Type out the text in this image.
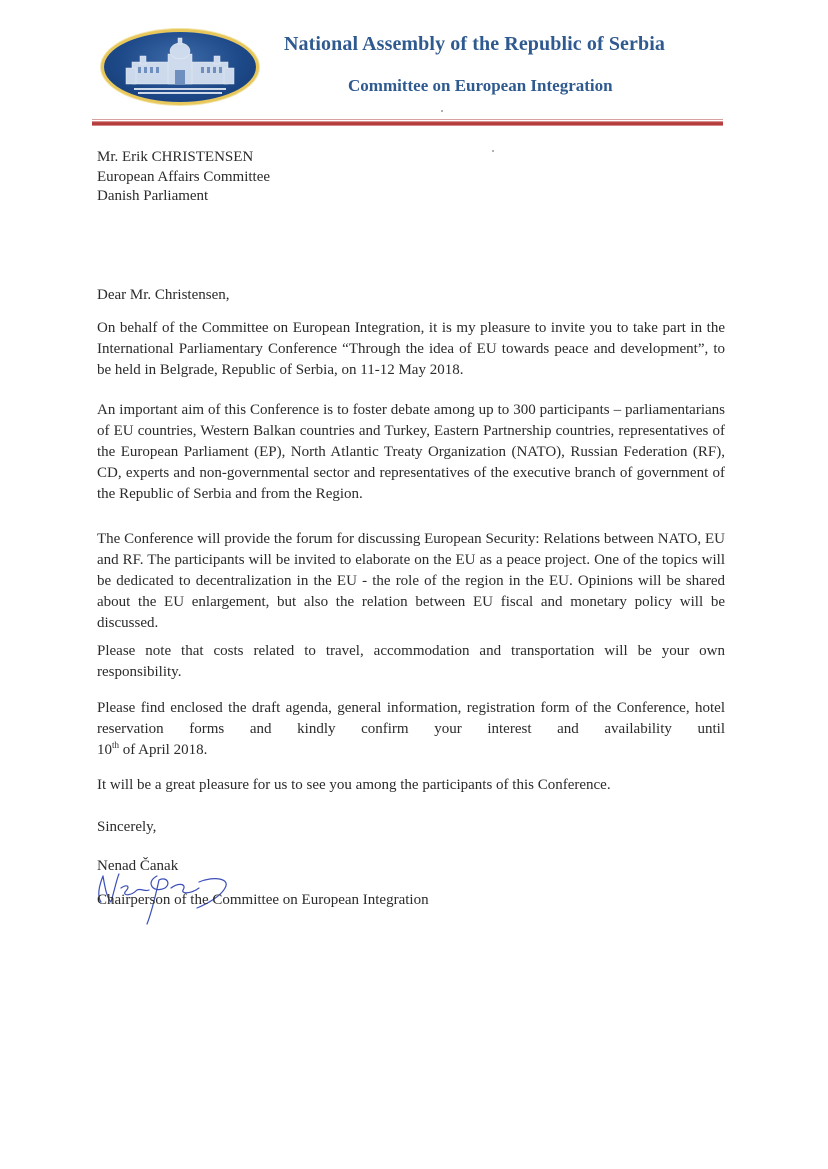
National Assembly of the Republic of Serbia
Committee on European Integration
Mr. Erik CHRISTENSEN
European Affairs Committee
Danish Parliament
Dear Mr. Christensen,
On behalf of the Committee on European Integration, it is my pleasure to invite you to take part in the International Parliamentary Conference “Through the idea of EU towards peace and development”, to be held in Belgrade, Republic of Serbia, on 11-12 May 2018.
An important aim of this Conference is to foster debate among up to 300 participants – parliamentarians of EU countries, Western Balkan countries and Turkey, Eastern Partnership countries, representatives of the European Parliament (EP), North Atlantic Treaty Organization (NATO), Russian Federation (RF), CD, experts and non-governmental sector and representatives of the executive branch of government of the Republic of Serbia and from the Region.
The Conference will provide the forum for discussing European Security: Relations between NATO, EU and RF. The participants will be invited to elaborate on the EU as a peace project. One of the topics will be dedicated to decentralization in the EU - the role of the region in the EU. Opinions will be shared about the EU enlargement, but also the relation between EU fiscal and monetary policy will be discussed.
Please note that costs related to travel, accommodation and transportation will be your own responsibility.
Please find enclosed the draft agenda, general information, registration form of the Conference, hotel reservation forms and kindly confirm your interest and availability until
10th of April 2018.
It will be a great pleasure for us to see you among the participants of this Conference.
Sincerely,
Nenad Čanak
Chairperson of the Committee on European Integration
